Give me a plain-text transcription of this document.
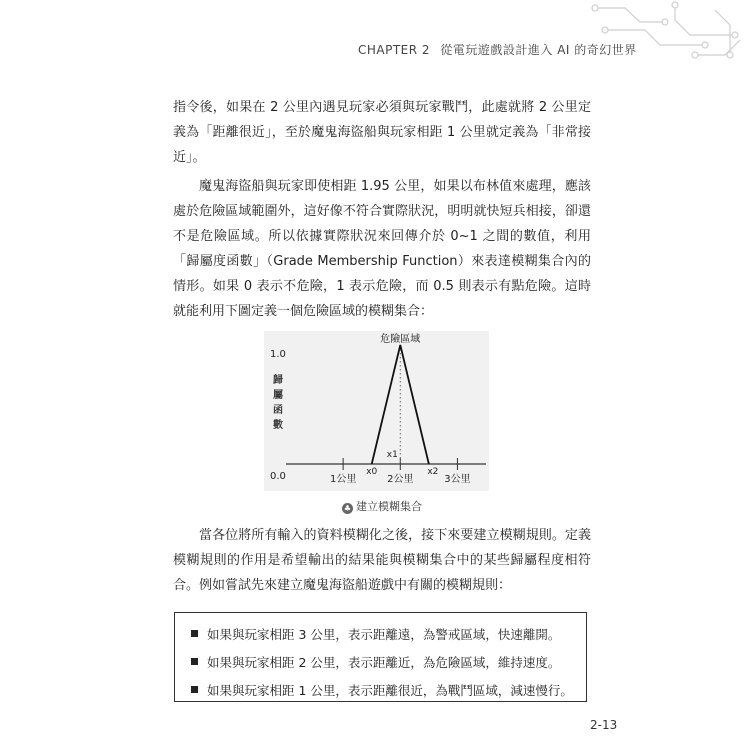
CHAPTER 2 從電玩遊戲設計進入 AI 的奇幻世界

指令後，如果在 2 公里內遇見玩家必須與玩家戰鬥，此處就將 2 公里定義為「距離很近」，至於魔鬼海盜船與玩家相距 1 公里就定義為「非常接近」。

魔鬼海盜船與玩家即使相距 1.95 公里，如果以布林值來處理，應該處於危險區域範圍外，這好像不符合實際狀況，明明就快短兵相接，卻還不是危險區域。所以依據實際狀況來回傳介於 0~1 之間的數值，利用「歸屬度函數」（Grade Membership Function）來表達模糊集合內的情形。如果 0 表示不危險，1 表示危險，而 0.5 則表示有點危險。這時就能利用下圖定義一個危險區域的模糊集合：

0.0
1.0
歸
屬
函
數
1公里	2公里	3公里
危險區域
x0
x1
x2
♣ 建立模糊集合

當各位將所有輸入的資料模糊化之後，接下來要建立模糊規則。定義模糊規則的作用是希望輸出的結果能與模糊集合中的某些歸屬程度相符合。例如嘗試先來建立魔鬼海盜船遊戲中有關的模糊規則：

如果與玩家相距 3 公里，表示距離遠，為警戒區域，快速離開。
如果與玩家相距 2 公里，表示距離近，為危險區域，維持速度。
如果與玩家相距 1 公里，表示距離很近，為戰鬥區域，減速慢行。
2-13
